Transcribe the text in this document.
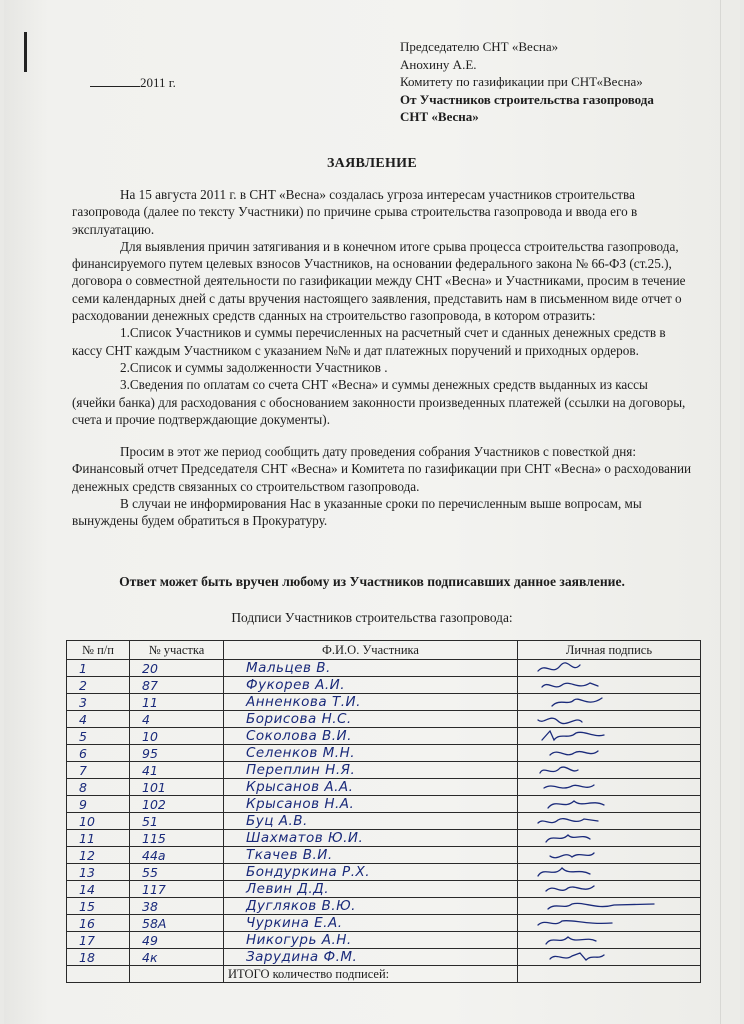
2011 г.
Председателю СНТ «Весна»
Анохину А.Е.
Комитету по газификации при СНТ«Весна»
От Участников строительства газопровода
СНТ «Весна»
ЗАЯВЛЕНИЕ

На 15 августа 2011 г. в СНТ «Весна» создалась угроза интересам участников строительства газопровода (далее по тексту Участники) по причине срыва строительства газопровода и ввода его в эксплуатацию.

Для выявления причин затягивания и в конечном итоге срыва процесса строительства газопровода, финансируемого путем целевых взносов Участников, на основании федерального закона № 66-ФЗ (ст.25.), договора о совместной деятельности по газификации между СНТ «Весна» и Участниками, просим в течение семи календарных дней с даты вручения настоящего заявления, представить нам в письменном виде отчет о расходовании денежных средств сданных на строительство газопровода, в котором отразить:

1.Список Участников и суммы перечисленных на расчетный счет и сданных денежных средств в кассу СНТ каждым Участником с указанием №№ и дат платежных поручений и приходных ордеров.

2.Список и суммы задолженности Участников .

3.Сведения по оплатам со счета СНТ «Весна» и суммы денежных средств выданных из кассы (ячейки банка) для расходования с обоснованием законности произведенных платежей (ссылки на договоры, счета и прочие подтверждающие документы).

Просим в этот же период сообщить дату проведения собрания Участников с повесткой дня: Финансовый отчет Председателя СНТ «Весна» и Комитета по газификации при СНТ «Весна» о расходовании денежных средств связанных со строительством газопровода.

В случаи не информирования Нас в указанные сроки по перечисленным выше вопросам, мы вынуждены будем обратиться в Прокуратуру.

Ответ может быть вручен любому из Участников подписавших данное заявление.
Подписи Участников строительства газопровода:
№ п/п	№ участка	Ф.И.О. Участника	Личная подпись
1	20	Мальцев В.	

2	87	Фукорев А.И.	

3	11	Анненкова Т.И.	

4	4	Борисова Н.С.	

5	10	Соколова В.И.	

6	95	Селенков М.Н.	

7	41	Переплин Н.Я.	

8	101	Крысанов А.А.	

9	102	Крысанов Н.А.	

10	51	Буц А.В.	

11	115	Шахматов Ю.И.	

12	44а	Ткачев В.И.	

13	55	Бондуркина Р.Х.	

14	117	Левин Д.Д.	

15	38	Дугляков В.Ю.	

16	58А	Чуркина Е.А.	

17	49	Никогурь А.Н.	

18	4к	Зарудина Ф.М.	

		ИТОГО количество подписей:	
